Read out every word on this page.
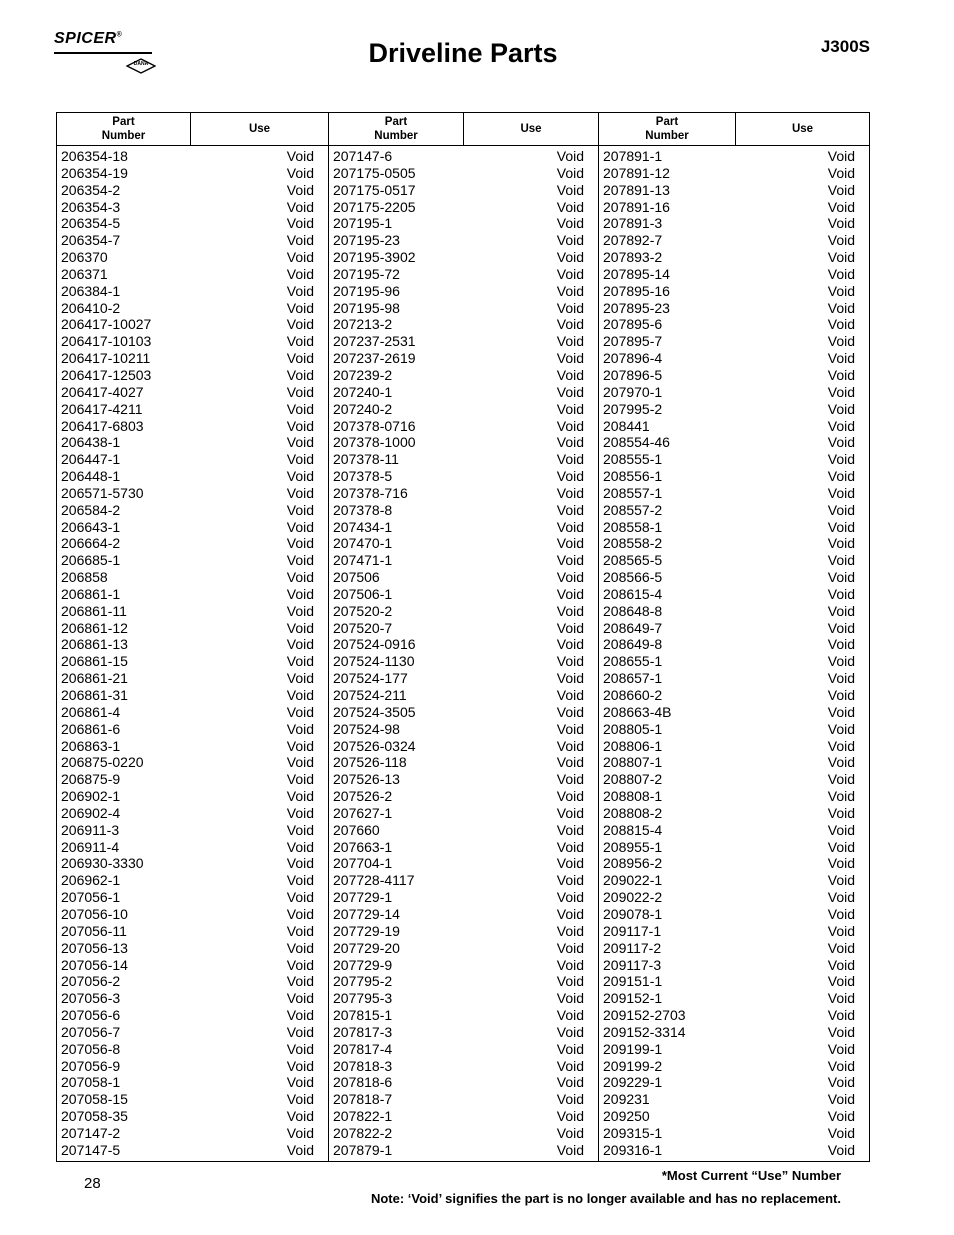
SPICER®
DANA	Driveline Parts	J300S
Part
Number
Use
Part
Number
Use
Part
Number
Use
206354-18	Void
206354-19	Void
206354-2	Void
206354-3	Void
206354-5	Void
206354-7	Void
206370	Void
206371	Void
206384-1	Void
206410-2	Void
206417-10027	Void
206417-10103	Void
206417-10211	Void
206417-12503	Void
206417-4027	Void
206417-4211	Void
206417-6803	Void
206438-1	Void
206447-1	Void
206448-1	Void
206571-5730	Void
206584-2	Void
206643-1	Void
206664-2	Void
206685-1	Void
206858	Void
206861-1	Void
206861-11	Void
206861-12	Void
206861-13	Void
206861-15	Void
206861-21	Void
206861-31	Void
206861-4	Void
206861-6	Void
206863-1	Void
206875-0220	Void
206875-9	Void
206902-1	Void
206902-4	Void
206911-3	Void
206911-4	Void
206930-3330	Void
206962-1	Void
207056-1	Void
207056-10	Void
207056-11	Void
207056-13	Void
207056-14	Void
207056-2	Void
207056-3	Void
207056-6	Void
207056-7	Void
207056-8	Void
207056-9	Void
207058-1	Void
207058-15	Void
207058-35	Void
207147-2	Void
207147-5	Void
207147-6	Void
207175-0505	Void
207175-0517	Void
207175-2205	Void
207195-1	Void
207195-23	Void
207195-3902	Void
207195-72	Void
207195-96	Void
207195-98	Void
207213-2	Void
207237-2531	Void
207237-2619	Void
207239-2	Void
207240-1	Void
207240-2	Void
207378-0716	Void
207378-1000	Void
207378-11	Void
207378-5	Void
207378-716	Void
207378-8	Void
207434-1	Void
207470-1	Void
207471-1	Void
207506	Void
207506-1	Void
207520-2	Void
207520-7	Void
207524-0916	Void
207524-1130	Void
207524-177	Void
207524-211	Void
207524-3505	Void
207524-98	Void
207526-0324	Void
207526-118	Void
207526-13	Void
207526-2	Void
207627-1	Void
207660	Void
207663-1	Void
207704-1	Void
207728-4117	Void
207729-1	Void
207729-14	Void
207729-19	Void
207729-20	Void
207729-9	Void
207795-2	Void
207795-3	Void
207815-1	Void
207817-3	Void
207817-4	Void
207818-3	Void
207818-6	Void
207818-7	Void
207822-1	Void
207822-2	Void
207879-1	Void
207891-1	Void
207891-12	Void
207891-13	Void
207891-16	Void
207891-3	Void
207892-7	Void
207893-2	Void
207895-14	Void
207895-16	Void
207895-23	Void
207895-6	Void
207895-7	Void
207896-4	Void
207896-5	Void
207970-1	Void
207995-2	Void
208441	Void
208554-46	Void
208555-1	Void
208556-1	Void
208557-1	Void
208557-2	Void
208558-1	Void
208558-2	Void
208565-5	Void
208566-5	Void
208615-4	Void
208648-8	Void
208649-7	Void
208649-8	Void
208655-1	Void
208657-1	Void
208660-2	Void
208663-4B	Void
208805-1	Void
208806-1	Void
208807-1	Void
208807-2	Void
208808-1	Void
208808-2	Void
208815-4	Void
208955-1	Void
208956-2	Void
209022-1	Void
209022-2	Void
209078-1	Void
209117-1	Void
209117-2	Void
209117-3	Void
209151-1	Void
209152-1	Void
209152-2703	Void
209152-3314	Void
209199-1	Void
209199-2	Void
209229-1	Void
209231	Void
209250	Void
209315-1	Void
209316-1	Void
28	*Most Current “Use” Number
Note: ‘Void’ signifies the part is no longer available and has no replacement.
